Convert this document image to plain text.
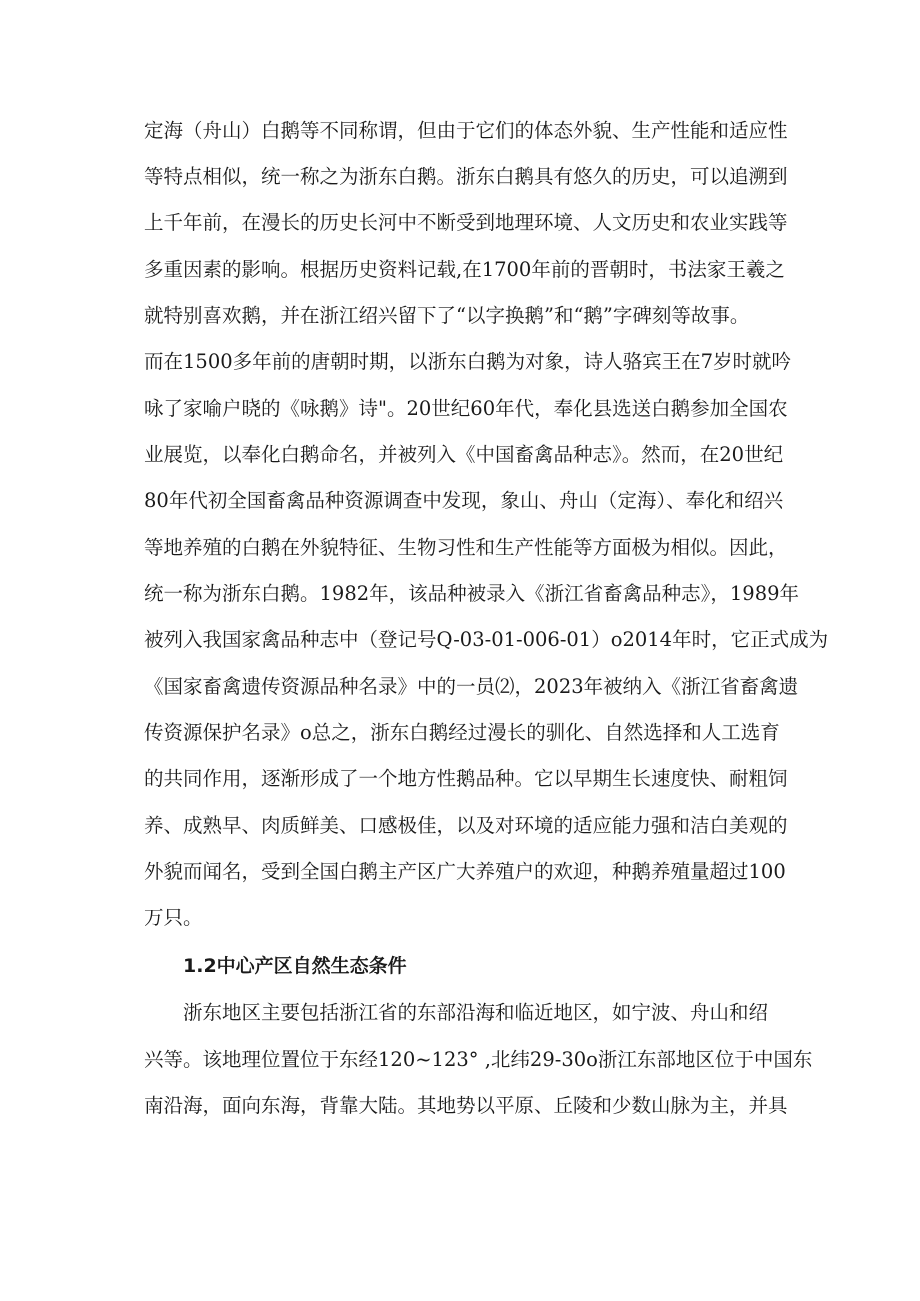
定海（舟山）白鹅等不同称谓，但由于它们的体态外貌、生产性能和适应性
等特点相似，统一称之为浙东白鹅。浙东白鹅具有悠久的历史，可以追溯到
上千年前，在漫长的历史长河中不断受到地理环境、人文历史和农业实践等
多重因素的影响。根据历史资料记载,在1700年前的晋朝时，书法家王羲之
就特别喜欢鹅，并在浙江绍兴留下了“以字换鹅”和“鹅”字碑刻等故事。
而在1500多年前的唐朝时期，以浙东白鹅为对象，诗人骆宾王在7岁时就吟
咏了家喻户晓的《咏鹅》诗"。20世纪60年代，奉化县选送白鹅参加全国农
业展览，以奉化白鹅命名，并被列入《中国畜禽品种志》。然而，在20世纪
80年代初全国畜禽品种资源调查中发现，象山、舟山（定海）、奉化和绍兴
等地养殖的白鹅在外貌特征、生物习性和生产性能等方面极为相似。因此，
统一称为浙东白鹅。1982年，该品种被录入《浙江省畜禽品种志》，1989年
被列入我国家禽品种志中（登记号Q-03-01-006-01）o2014年时，它正式成为
《国家畜禽遗传资源品种名录》中的一员⑵，2023年被纳入《浙江省畜禽遗
传资源保护名录》o总之，浙东白鹅经过漫长的驯化、自然选择和人工选育
的共同作用，逐渐形成了一个地方性鹅品种。它以早期生长速度快、耐粗饲
养、成熟早、肉质鲜美、口感极佳，以及对环境的适应能力强和洁白美观的
外貌而闻名，受到全国白鹅主产区广大养殖户的欢迎，种鹅养殖量超过100
万只。
1.2中心产区自然生态条件
浙东地区主要包括浙江省的东部沿海和临近地区，如宁波、舟山和绍
兴等。该地理位置位于东经120~123° ,北纬29-30o浙江东部地区位于中国东
南沿海，面向东海，背靠大陆。其地势以平原、丘陵和少数山脉为主，并具
